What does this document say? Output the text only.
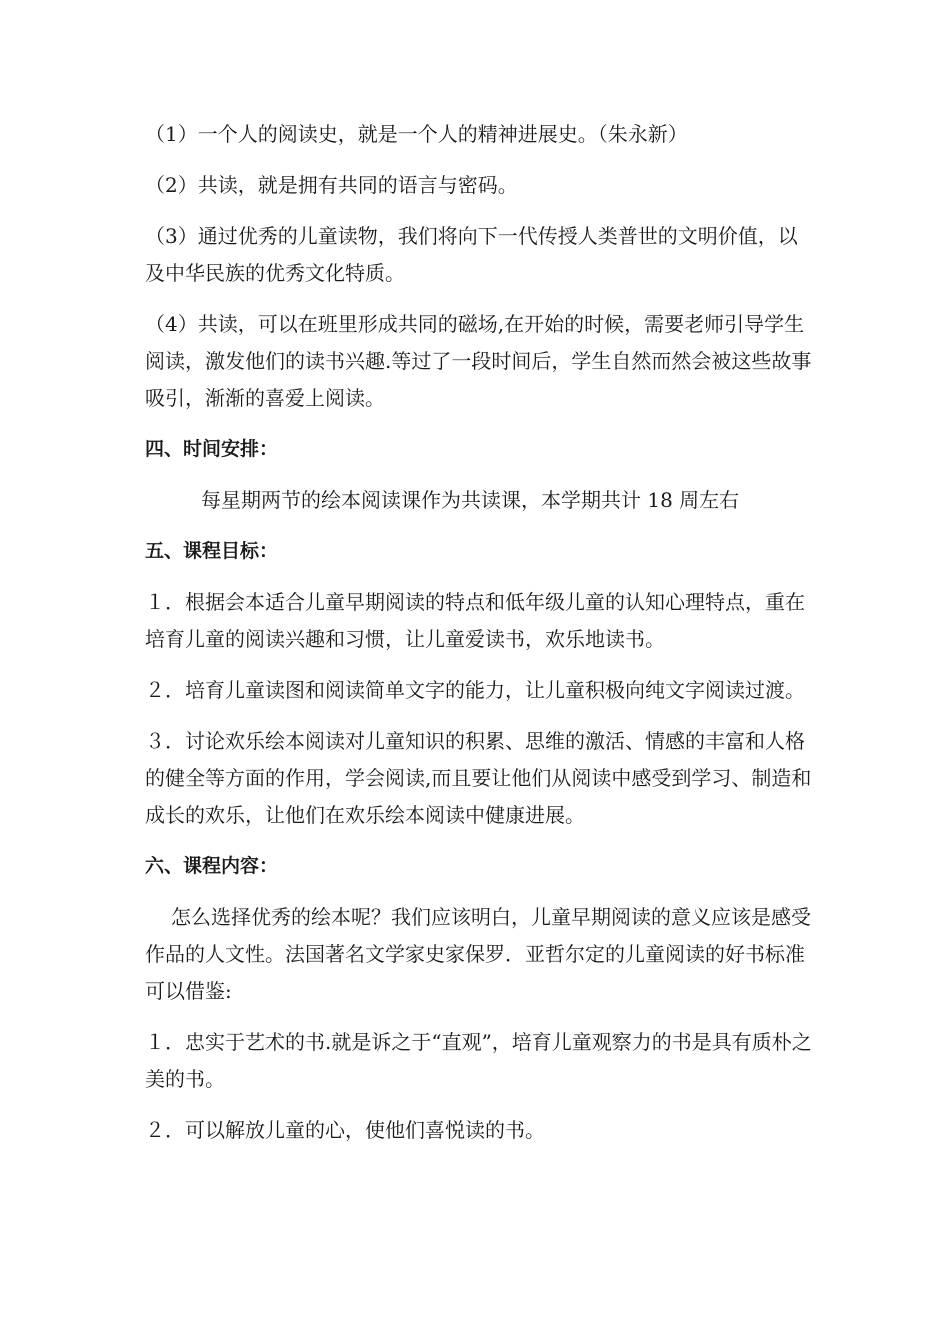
（1）一个人的阅读史，就是一个人的精神进展史。（朱永新）

（2）共读，就是拥有共同的语言与密码。

（3）通过优秀的儿童读物，我们将向下一代传授人类普世的文明价值，以及中华民族的优秀文化特质。

（4）共读，可以在班里形成共同的磁场,在开始的时候，需要老师引导学生阅读，激发他们的读书兴趣.等过了一段时间后，学生自然而然会被这些故事吸引，渐渐的喜爱上阅读。

四、时间安排：

每星期两节的绘本阅读课作为共读课，本学期共计 18 周左右

五、课程目标：

１．根据会本适合儿童早期阅读的特点和低年级儿童的认知心理特点，重在培育儿童的阅读兴趣和习惯，让儿童爱读书，欢乐地读书。

２．培育儿童读图和阅读简单文字的能力，让儿童积极向纯文字阅读过渡。

３．讨论欢乐绘本阅读对儿童知识的积累、思维的激活、情感的丰富和人格的健全等方面的作用，学会阅读,而且要让他们从阅读中感受到学习、制造和成长的欢乐，让他们在欢乐绘本阅读中健康进展。

六、课程内容：

怎么选择优秀的绘本呢？我们应该明白，儿童早期阅读的意义应该是感受作品的人文性。法国著名文学家史家保罗．亚哲尔定的儿童阅读的好书标准可以借鉴:

１．忠实于艺术的书.就是诉之于“直观”，培育儿童观察力的书是具有质朴之美的书。

２．可以解放儿童的心，使他们喜悦读的书。
